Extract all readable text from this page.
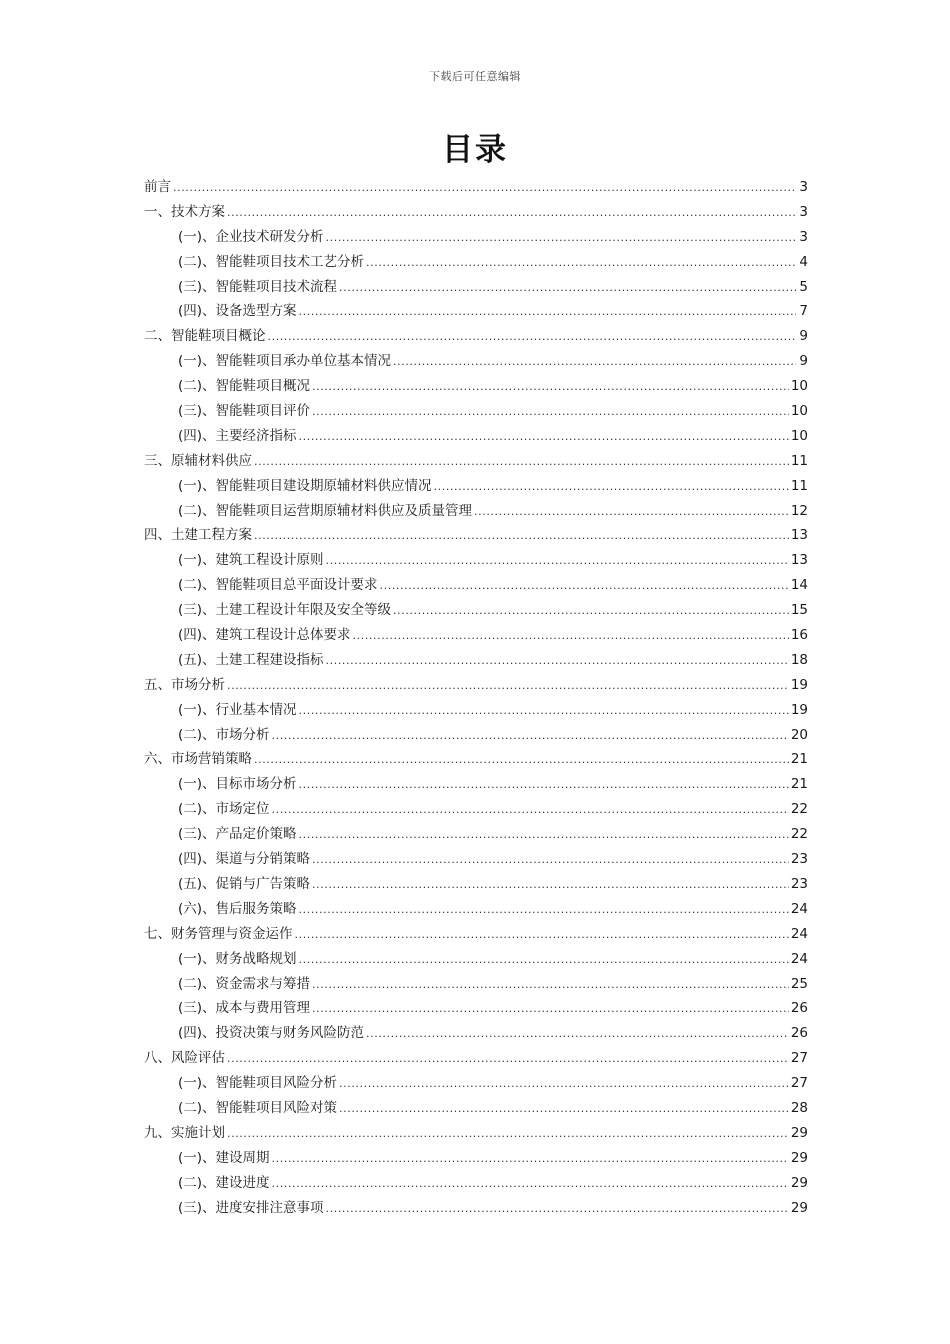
下载后可任意编辑
目录
前言 .....	3
一、技术方案 .....	3
(一)、企业技术研发分析 .....	3
(二)、智能鞋项目技术工艺分析 .....	4
(三)、智能鞋项目技术流程 .....	5
(四)、设备选型方案 .....	7
二、智能鞋项目概论 .....	9
(一)、智能鞋项目承办单位基本情况 .....	9
(二)、智能鞋项目概况 .....	10
(三)、智能鞋项目评价 .....	10
(四)、主要经济指标 .....	10
三、原辅材料供应 .....	11
(一)、智能鞋项目建设期原辅材料供应情况 .....	11
(二)、智能鞋项目运营期原辅材料供应及质量管理 .....	12
四、土建工程方案 .....	13
(一)、建筑工程设计原则 .....	13
(二)、智能鞋项目总平面设计要求 .....	14
(三)、土建工程设计年限及安全等级 .....	15
(四)、建筑工程设计总体要求 .....	16
(五)、土建工程建设指标 .....	18
五、市场分析 .....	19
(一)、行业基本情况 .....	19
(二)、市场分析 .....	20
六、市场营销策略 .....	21
(一)、目标市场分析 .....	21
(二)、市场定位 .....	22
(三)、产品定价策略 .....	22
(四)、渠道与分销策略 .....	23
(五)、促销与广告策略 .....	23
(六)、售后服务策略 .....	24
七、财务管理与资金运作 .....	24
(一)、财务战略规划 .....	24
(二)、资金需求与筹措 .....	25
(三)、成本与费用管理 .....	26
(四)、投资决策与财务风险防范 .....	26
八、风险评估 .....	27
(一)、智能鞋项目风险分析 .....	27
(二)、智能鞋项目风险对策 .....	28
九、实施计划 .....	29
(一)、建设周期 .....	29
(二)、建设进度 .....	29
(三)、进度安排注意事项 .....	29
